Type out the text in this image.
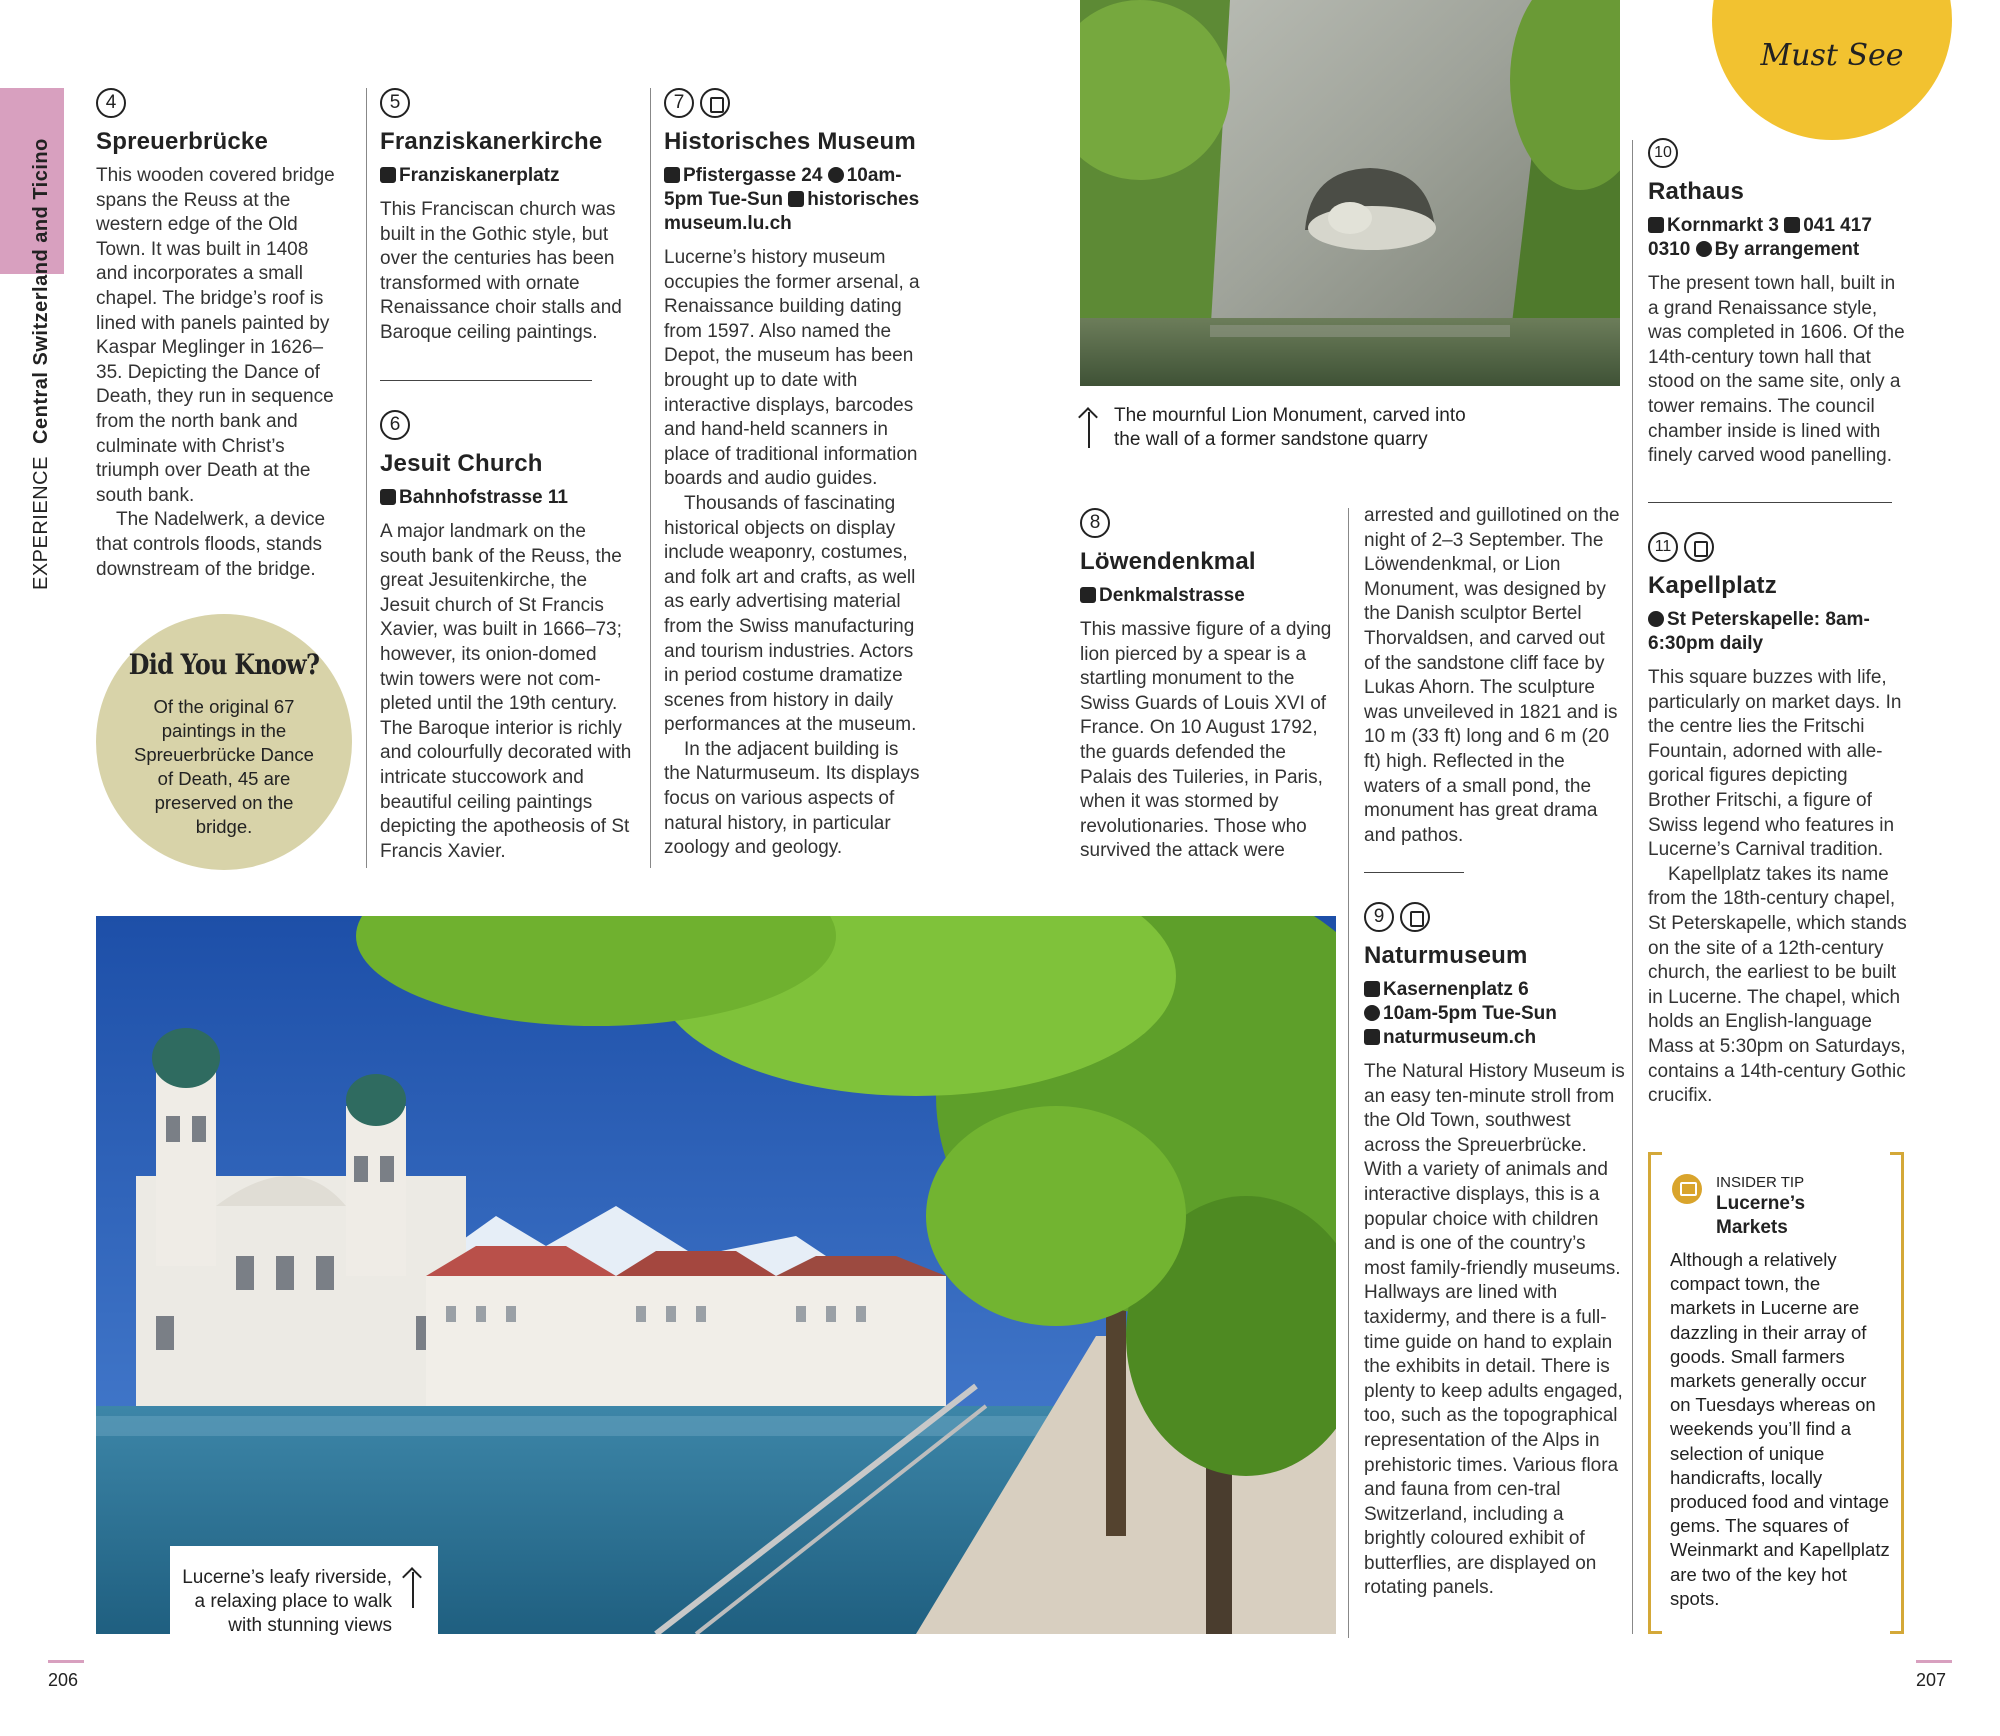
EXPERIENCE  Central Switzerland and Ticino
4
Spreuerbrücke

This wooden covered bridge spans the Reuss at the western edge of the Old Town. It was built in 1408 and incorporates a small chapel. The bridge’s roof is lined with panels painted by Kaspar Meglinger in 1626–35. Depicting the Dance of Death, they run in sequence from the north bank and culminate with Christ’s triumph over Death at the south bank.

The Nadelwerk, a device that controls floods, stands downstream of the bridge.

Did You Know?

Of the original 67 paintings in the Spreuerbrücke Dance of Death, 45 are preserved on the bridge.

5
Franziskanerkirche
Franziskanerplatz

This Franciscan church was built in the Gothic style, but over the centuries has been transformed with ornate Renaissance choir stalls and Baroque ceiling paintings.

6
Jesuit Church
Bahnhofstrasse 11

A major landmark on the south bank of the Reuss, the great Jesuitenkirche, the Jesuit church of St Francis Xavier, was built in 1666–73; however, its onion-domed twin towers were not com-pleted until the 19th century. The Baroque interior is richly and colourfully decorated with intricate stuccowork and beautiful ceiling paintings depicting the apotheosis of St Francis Xavier.

7
Historisches Museum
Pfistergasse 24 10am-5pm Tue-Sun historischesmuseum.lu.ch

Lucerne’s history museum occupies the former arsenal, a Renaissance building dating from 1597. Also named the Depot, the museum has been brought up to date with interactive displays, barcodes and hand-held scanners in place of traditional information boards and audio guides.

Thousands of fascinating historical objects on display include weaponry, costumes, and folk art and crafts, as well as early advertising material from the Swiss manufacturing and tourism industries. Actors in period costume dramatize scenes from history in daily performances at the museum.

In the adjacent building is the Naturmuseum. Its displays focus on various aspects of natural history, in particular zoology and geology.

The mournful Lion Monument, carved into the wall of a former sandstone quarry
8
Löwendenkmal
Denkmalstrasse

This massive figure of a dying lion pierced by a spear is a startling monument to the Swiss Guards of Louis XVI of France. On 10 August 1792, the guards defended the Palais des Tuileries, in Paris, when it was stormed by revolutionaries. Those who survived the attack were

arrested and guillotined on the night of 2–3 September. The Löwendenkmal, or Lion Monument, was designed by the Danish sculptor Bertel Thorvaldsen, and carved out of the sandstone cliff face by Lukas Ahorn. The sculpture was unveileved in 1821 and is 10 m (33 ft) long and 6 m (20 ft) high. Reflected in the waters of a small pond, the monument has great drama and pathos.

9
Naturmuseum
Kasernenplatz 6
10am-5pm Tue-Sun
naturmuseum.ch

The Natural History Museum is an easy ten-minute stroll from the Old Town, southwest across the Spreuerbrücke. With a variety of animals and interactive displays, this is a popular choice with children and is one of the country’s most family-friendly museums. Hallways are lined with taxidermy, and there is a full-time guide on hand to explain the exhibits in detail. There is plenty to keep adults engaged, too, such as the topographical representation of the Alps in prehistoric times. Various flora and fauna from cen-tral Switzerland, including a brightly coloured exhibit of butterflies, are displayed on rotating panels.

Must See
10
Rathaus
Kornmarkt 3 041 417 0310 By arrangement

The present town hall, built in a grand Renaissance style, was completed in 1606. Of the 14th-century town hall that stood on the same site, only a tower remains. The council chamber inside is lined with finely carved wood panelling.

11
Kapellplatz
St Peterskapelle: 8am-6:30pm daily

This square buzzes with life, particularly on market days. In the centre lies the Fritschi Fountain, adorned with alle-gorical figures depicting Brother Fritschi, a figure of Swiss legend who features in Lucerne’s Carnival tradition.

Kapellplatz takes its name from the 18th-century chapel, St Peterskapelle, which stands on the site of a 12th-century church, the earliest to be built in Lucerne. The chapel, which holds an English-language Mass at 5:30pm on Saturdays, contains a 14th-century Gothic crucifix.

INSIDER TIP
Lucerne’s Markets
Although a relatively compact town, the markets in Lucerne are dazzling in their array of goods. Small farmers markets generally occur on Tuesdays whereas on weekends you’ll find a selection of unique handicrafts, locally produced food and vintage gems. The squares of Weinmarkt and Kapellplatz are two of the key hot spots.
Lucerne’s leafy riverside, a relaxing place to walk with stunning views
206	207
